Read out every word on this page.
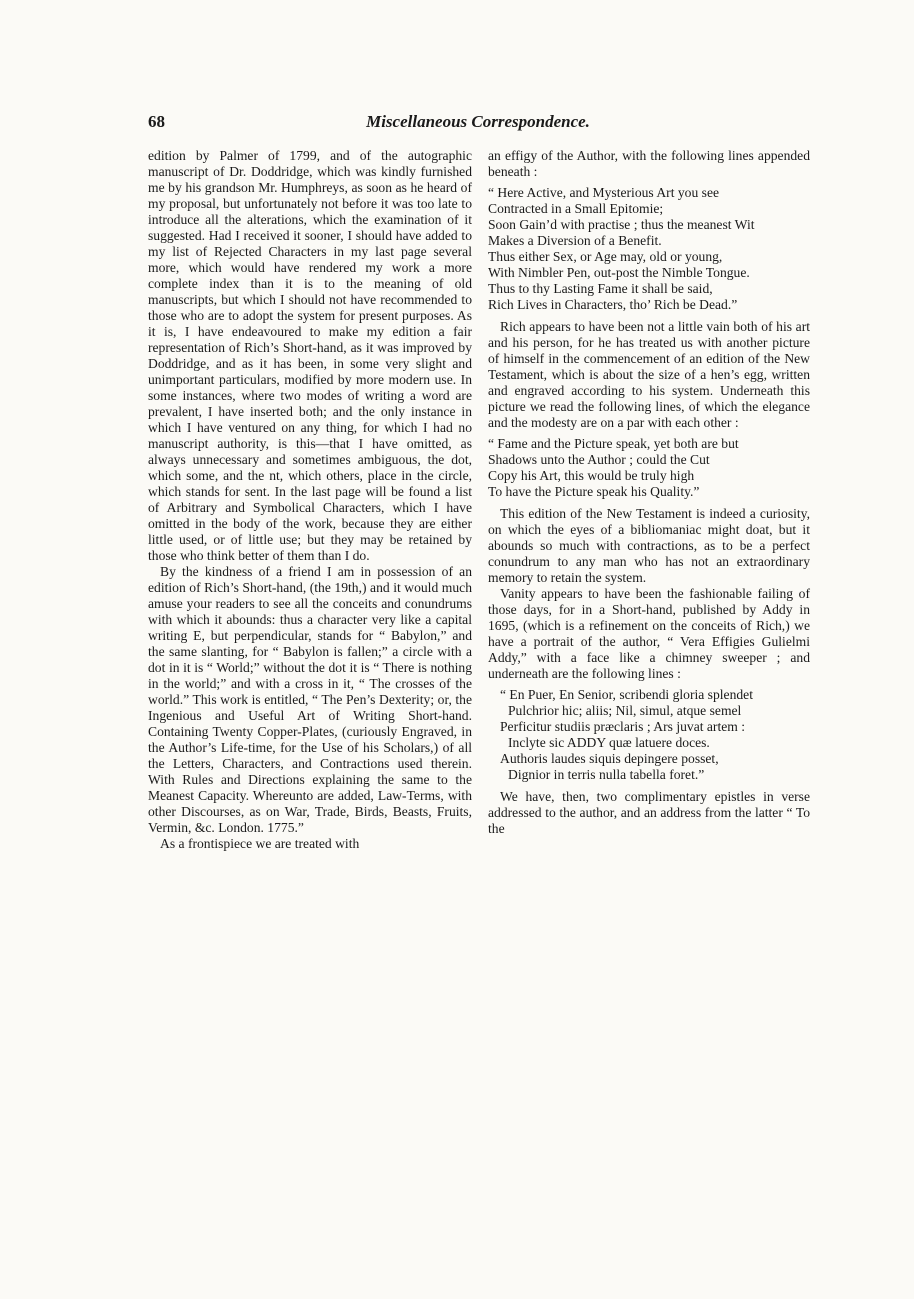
68	Miscellaneous Correspondence.

edition by Palmer of 1799, and of the autographic manuscript of Dr. Doddridge, which was kindly furnished me by his grandson Mr. Humphreys, as soon as he heard of my proposal, but unfortunately not before it was too late to introduce all the alterations, which the examination of it suggested. Had I received it sooner, I should have added to my list of Rejected Characters in my last page several more, which would have rendered my work a more complete index than it is to the meaning of old manuscripts, but which I should not have recommended to those who are to adopt the system for present purposes. As it is, I have endeavoured to make my edition a fair representation of Rich’s Short-hand, as it was improved by Doddridge, and as it has been, in some very slight and unimportant particulars, modified by more modern use. In some instances, where two modes of writing a word are prevalent, I have inserted both; and the only instance in which I have ventured on any thing, for which I had no manuscript authority, is this—that I have omitted, as always unnecessary and sometimes ambiguous, the dot, which some, and the nt, which others, place in the circle, which stands for sent. In the last page will be found a list of Arbitrary and Symbolical Characters, which I have omitted in the body of the work, because they are either little used, or of little use; but they may be retained by those who think better of them than I do.

By the kindness of a friend I am in possession of an edition of Rich’s Short-hand, (the 19th,) and it would much amuse your readers to see all the conceits and conundrums with which it abounds: thus a character very like a capital writing E, but perpendicular, stands for “ Babylon,” and the same slanting, for “ Babylon is fallen;” a circle with a dot in it is “ World;” without the dot it is “ There is nothing in the world;” and with a cross in it, “ The crosses of the world.” This work is entitled, “ The Pen’s Dexterity; or, the Ingenious and Useful Art of Writing Short-hand. Containing Twenty Copper-Plates, (curiously Engraved, in the Author’s Life-time, for the Use of his Scholars,) of all the Letters, Characters, and Contractions used therein. With Rules and Directions explaining the same to the Meanest Capacity. Whereunto are added, Law-Terms, with other Discourses, as on War, Trade, Birds, Beasts, Fruits, Vermin, &c. London. 1775.”

As a frontispiece we are treated with

an effigy of the Author, with the following lines appended beneath :

“ Here Active, and Mysterious Art you see
Contracted in a Small Epitomie;
Soon Gain’d with practise ; thus the meanest Wit
Makes a Diversion of a Benefit.
Thus either Sex, or Age may, old or young,
With Nimbler Pen, out-post the Nimble Tongue.
Thus to thy Lasting Fame it shall be said,
Rich Lives in Characters, tho’ Rich be Dead.”

Rich appears to have been not a little vain both of his art and his person, for he has treated us with another picture of himself in the commencement of an edition of the New Testament, which is about the size of a hen’s egg, written and engraved according to his system. Underneath this picture we read the following lines, of which the elegance and the modesty are on a par with each other :

“ Fame and the Picture speak, yet both are but
Shadows unto the Author ; could the Cut
Copy his Art, this would be truly high
To have the Picture speak his Quality.”

This edition of the New Testament is indeed a curiosity, on which the eyes of a bibliomaniac might doat, but it abounds so much with contractions, as to be a perfect conundrum to any man who has not an extraordinary memory to retain the system.

Vanity appears to have been the fashionable failing of those days, for in a Short-hand, published by Addy in 1695, (which is a refinement on the conceits of Rich,) we have a portrait of the author, “ Vera Effigies Gulielmi Addy,” with a face like a chimney sweeper ; and underneath are the following lines :

“ En Puer, En Senior, scribendi gloria splendet
Pulchrior hic; aliis; Nil, simul, atque semel
Perficitur studiis præclaris ; Ars juvat artem :
Inclyte sic ADDY quæ latuere doces.
Authoris laudes siquis depingere posset,
Dignior in terris nulla tabella foret.”

We have, then, two complimentary epistles in verse addressed to the author, and an address from the latter “ To the
